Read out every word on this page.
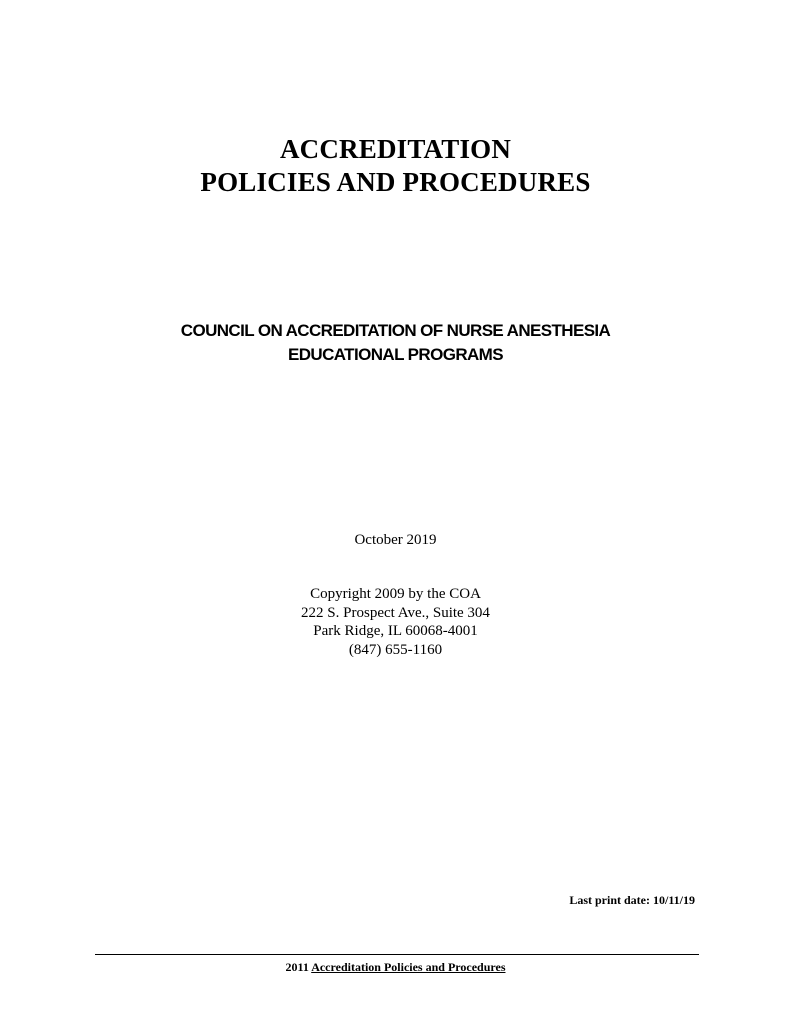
ACCREDITATION
POLICIES AND PROCEDURES
COUNCIL ON ACCREDITATION OF NURSE ANESTHESIA
EDUCATIONAL PROGRAMS
October 2019
Copyright 2009 by the COA
222 S. Prospect Ave., Suite 304
Park Ridge, IL 60068-4001
(847) 655-1160
Last print date: 10/11/19
2011 Accreditation Policies and Procedures
